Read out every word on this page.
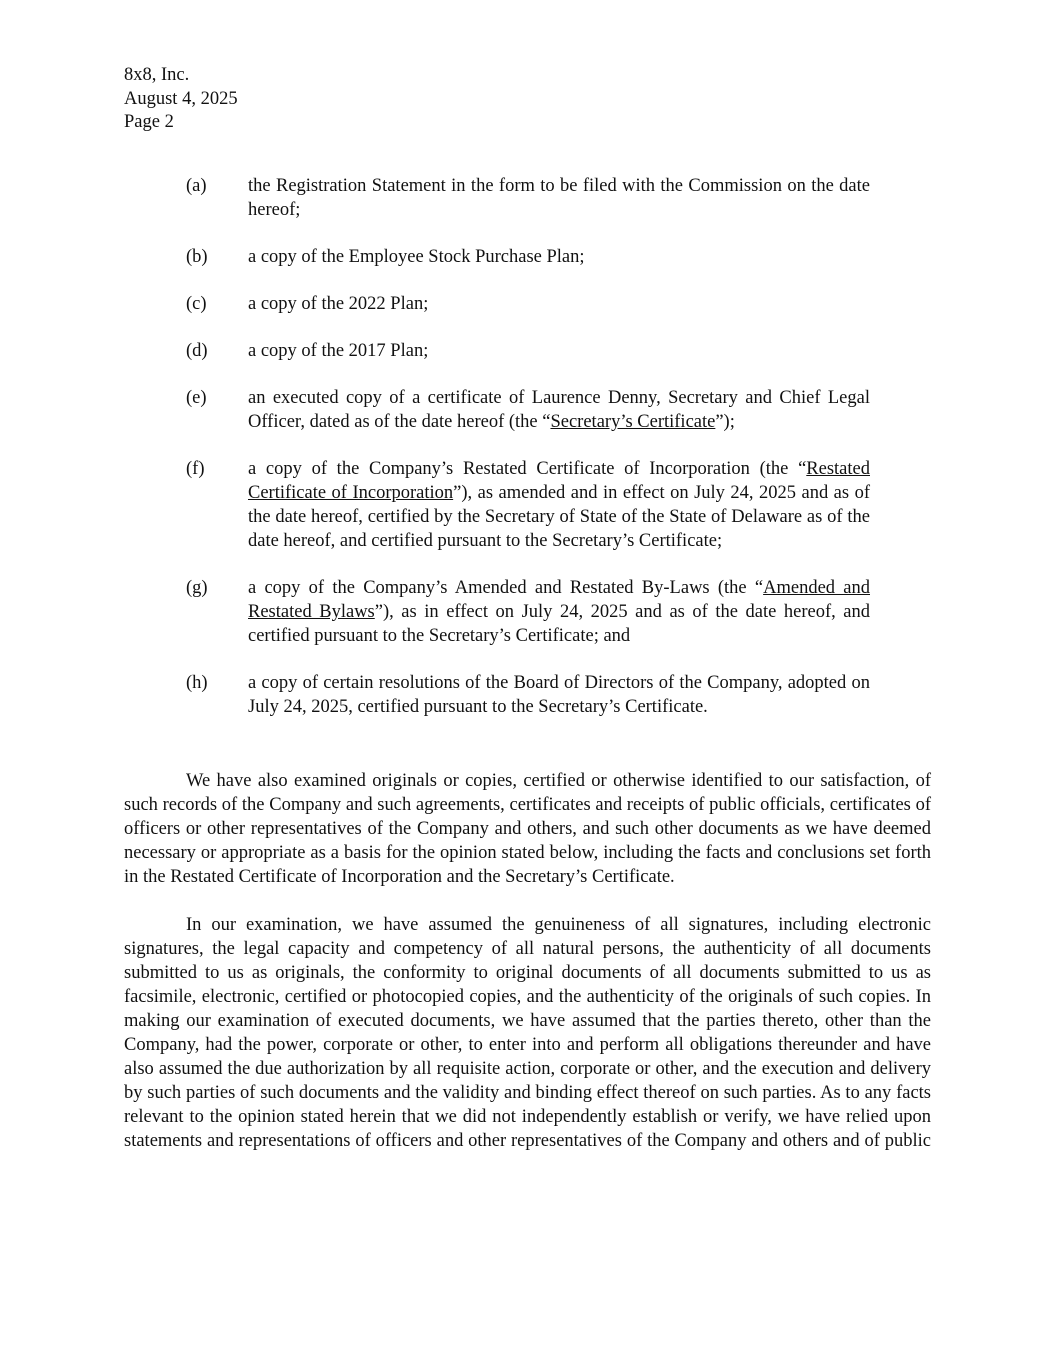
8x8, Inc.
August 4, 2025
Page 2
(a)	the Registration Statement in the form to be filed with the Commission on the date hereof;
(b)	a copy of the Employee Stock Purchase Plan;
(c)	a copy of the 2022 Plan;
(d)	a copy of the 2017 Plan;
(e)	an executed copy of a certificate of Laurence Denny, Secretary and Chief Legal Officer, dated as of the date hereof (the “Secretary’s Certificate”);
(f)	a copy of the Company’s Restated Certificate of Incorporation (the “Restated Certificate of Incorporation”), as amended and in effect on July 24, 2025 and as of the date hereof, certified by the Secretary of State of the State of Delaware as of the date hereof, and certified pursuant to the Secretary’s Certificate;
(g)	a copy of the Company’s Amended and Restated By-Laws (the “Amended and Restated Bylaws”), as in effect on July 24, 2025 and as of the date hereof, and certified pursuant to the Secretary’s Certificate; and
(h)	a copy of certain resolutions of the Board of Directors of the Company, adopted on July 24, 2025, certified pursuant to the Secretary’s Certificate.

We have also examined originals or copies, certified or otherwise identified to our satisfaction, of such records of the Company and such agreements, certificates and receipts of public officials, certificates of officers or other representatives of the Company and others, and such other documents as we have deemed necessary or appropriate as a basis for the opinion stated below, including the facts and conclusions set forth in the Restated Certificate of Incorporation and the Secretary’s Certificate.

In our examination, we have assumed the genuineness of all signatures, including electronic signatures, the legal capacity and competency of all natural persons, the authenticity of all documents submitted to us as originals, the conformity to original documents of all documents submitted to us as facsimile, electronic, certified or photocopied copies, and the authenticity of the originals of such copies. In making our examination of executed documents, we have assumed that the parties thereto, other than the Company, had the power, corporate or other, to enter into and perform all obligations thereunder and have also assumed the due authorization by all requisite action, corporate or other, and the execution and delivery by such parties of such documents and the validity and binding effect thereof on such parties. As to any facts relevant to the opinion stated herein that we did not independently establish or verify, we have relied upon statements and representations of officers and other representatives of the Company and others and of public
